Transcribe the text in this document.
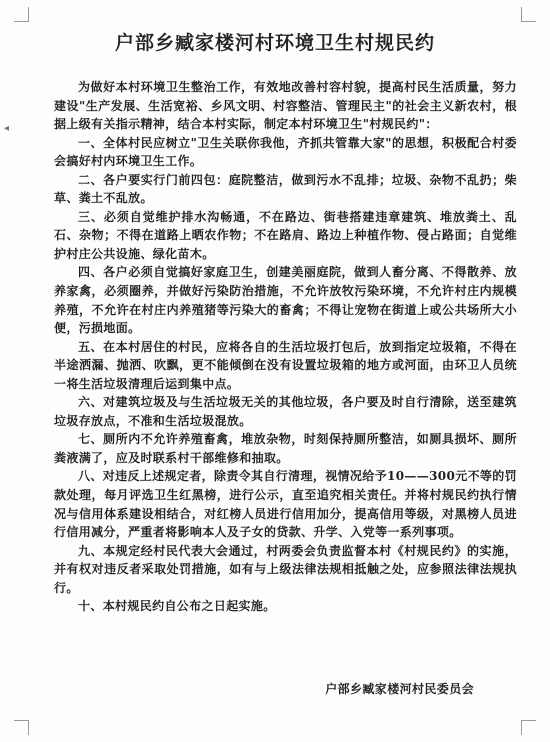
◂
户部乡臧家楼河村环境卫生村规民约

为做好本村环境卫生整治工作，有效地改善村容村貌，提高村民生活质量，努力建设"生产发展、生活宽裕、乡风文明、村容整洁、管理民主"的社会主义新农村，根据上级有关指示精神，结合本村实际，制定本村环境卫生"村规民约"：

一、全体村民应树立"卫生关联你我他，齐抓共管靠大家"的思想，积极配合村委会搞好村内环境卫生工作。

二、各户要实行门前四包：庭院整洁，做到污水不乱排；垃圾、杂物不乱扔；柴草、粪土不乱放。

三、必须自觉维护排水沟畅通，不在路边、街巷搭建违章建筑、堆放粪土、乱石、杂物；不得在道路上晒农作物；不在路肩、路边上种植作物、侵占路面；自觉维护村庄公共设施、绿化苗木。

四、各户必须自觉搞好家庭卫生，创建美丽庭院，做到人畜分离、不得散养、放养家禽，必须圈养，并做好污染防治措施，不允许放牧污染环境，不允许村庄内规模养殖，不允许在村庄内养殖猪等污染大的畜禽；不得让宠物在街道上或公共场所大小便，污损地面。

五、在本村居住的村民，应将各自的生活垃圾打包后，放到指定垃圾箱，不得在半途洒漏、抛洒、吹飘，更不能倾倒在没有设置垃圾箱的地方或河面，由环卫人员统一将生活垃圾清理后运到集中点。

六、对建筑垃圾及与生活垃圾无关的其他垃圾，各户要及时自行清除，送至建筑垃圾存放点，不准和生活垃圾混放。

七、厕所内不允许养殖畜禽，堆放杂物，时刻保持厕所整洁，如厕具损坏、厕所粪液满了，应及时联系村干部维修和抽取。

八、对违反上述规定者，除责令其自行清理，视情况给予10——300元不等的罚款处理，每月评选卫生红黑榜，进行公示，直至追究相关责任。并将村规民约执行情况与信用体系建设相结合，对红榜人员进行信用加分，提高信用等级，对黑榜人员进行信用减分，严重者将影响本人及子女的贷款、升学、入党等一系列事项。

九、本规定经村民代表大会通过，村两委会负责监督本村《村规民约》的实施，并有权对违反者采取处罚措施，如有与上级法律法规相抵触之处，应参照法律法规执行。

十、本村规民约自公布之日起实施。

户部乡臧家楼河村民委员会
